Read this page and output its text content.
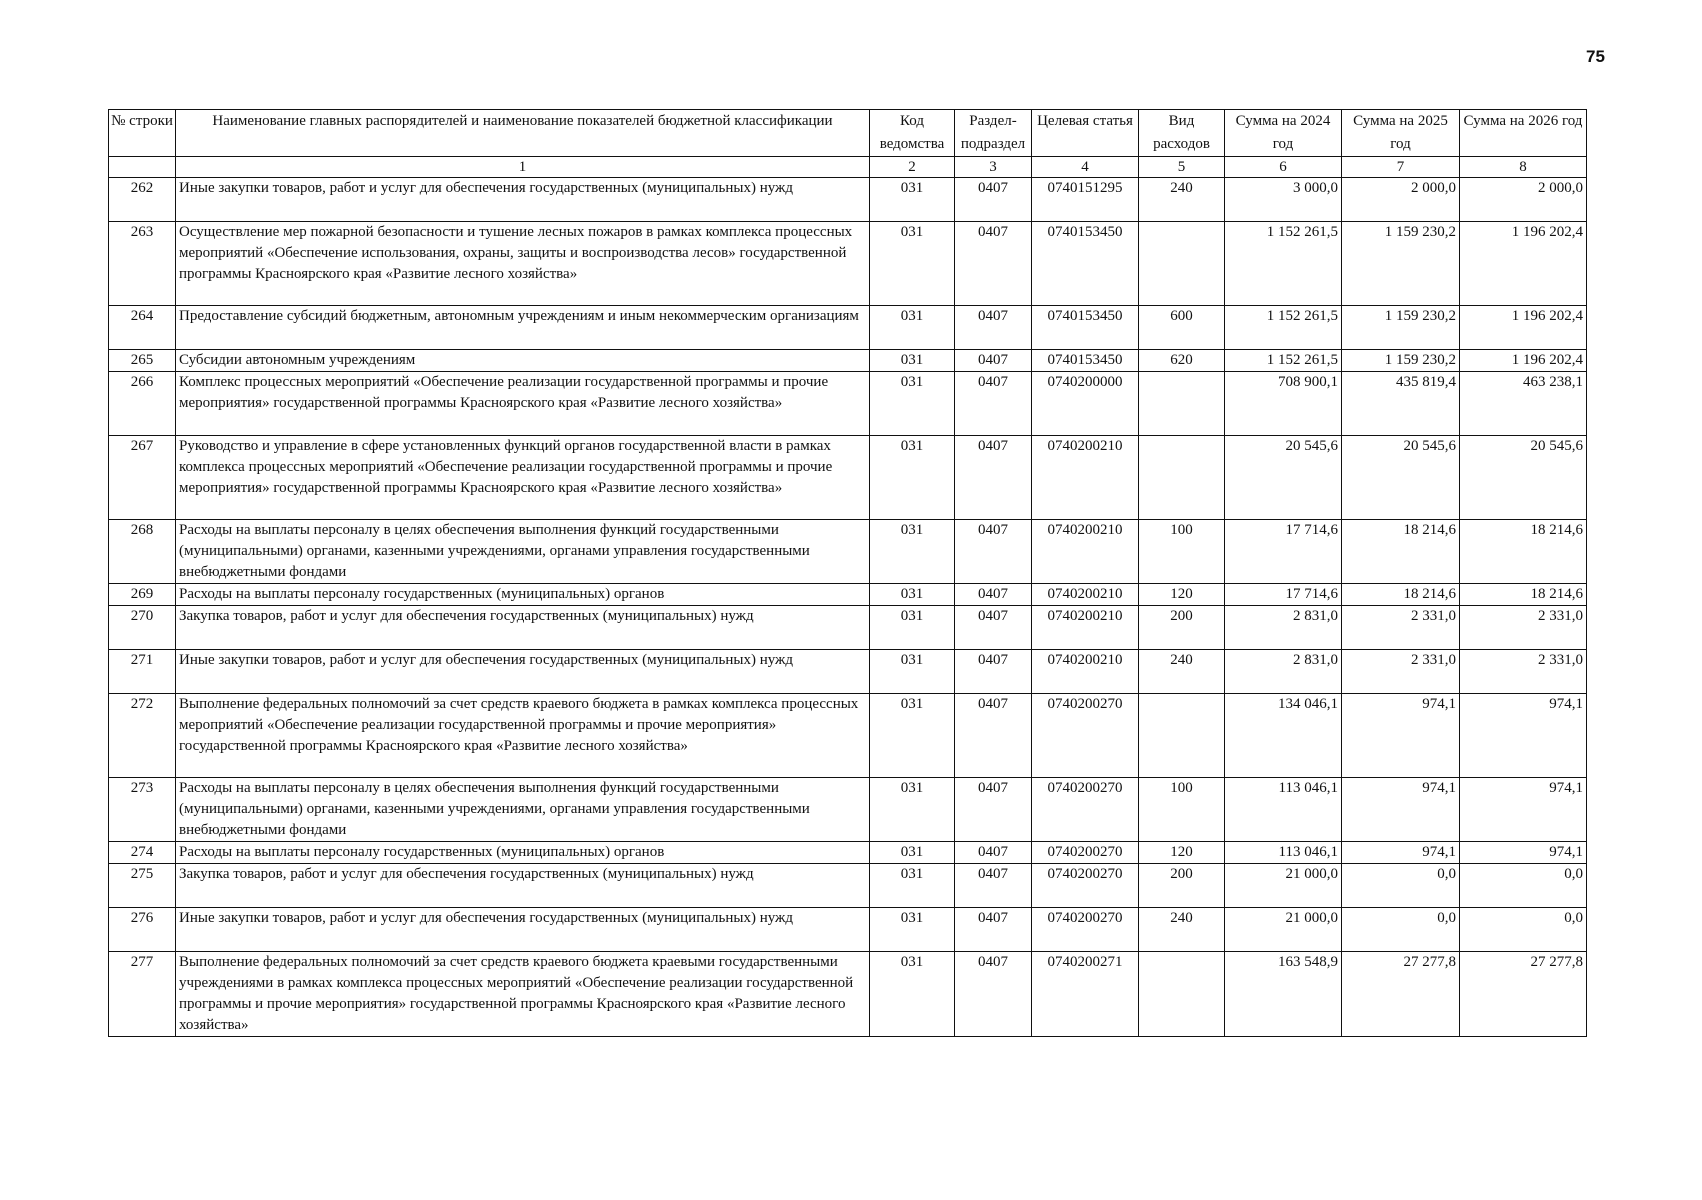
75
№ строки	Наименование главных распорядителей и наименование показателей бюджетной классификации	Код ведомства	Раздел-подраздел	Целевая статья	Вид расходов	Сумма на 2024 год	Сумма на 2025 год	Сумма на 2026 год
	1	2	3	4	5	6	7	8
262	Иные закупки товаров, работ и услуг для обеспечения государственных (муниципальных) нужд	031	0407	0740151295	240	3 000,0	2 000,0	2 000,0
263	Осуществление мер пожарной безопасности и тушение лесных пожаров в рамках комплекса процессных мероприятий «Обеспечение использования, охраны, защиты и воспроизводства лесов» государственной программы Красноярского края «Развитие лесного хозяйства»	031	0407	0740153450		1 152 261,5	1 159 230,2	1 196 202,4
264	Предоставление субсидий бюджетным, автономным учреждениям и иным некоммерческим организациям	031	0407	0740153450	600	1 152 261,5	1 159 230,2	1 196 202,4
265	Субсидии автономным учреждениям	031	0407	0740153450	620	1 152 261,5	1 159 230,2	1 196 202,4
266	Комплекс процессных мероприятий «Обеспечение реализации государственной программы и прочие мероприятия» государственной программы Красноярского края «Развитие лесного хозяйства»	031	0407	0740200000		708 900,1	435 819,4	463 238,1
267	Руководство и управление в сфере установленных функций органов государственной власти в рамках комплекса процессных мероприятий «Обеспечение реализации государственной программы и прочие мероприятия» государственной программы Красноярского края «Развитие лесного хозяйства»	031	0407	0740200210		20 545,6	20 545,6	20 545,6
268	Расходы на выплаты персоналу в целях обеспечения выполнения функций государственными (муниципальными) органами, казенными учреждениями, органами управления государственными внебюджетными фондами	031	0407	0740200210	100	17 714,6	18 214,6	18 214,6
269	Расходы на выплаты персоналу государственных (муниципальных) органов	031	0407	0740200210	120	17 714,6	18 214,6	18 214,6
270	Закупка товаров, работ и услуг для обеспечения государственных (муниципальных) нужд	031	0407	0740200210	200	2 831,0	2 331,0	2 331,0
271	Иные закупки товаров, работ и услуг для обеспечения государственных (муниципальных) нужд	031	0407	0740200210	240	2 831,0	2 331,0	2 331,0
272	Выполнение федеральных полномочий за счет средств краевого бюджета в рамках комплекса процессных мероприятий «Обеспечение реализации государственной программы и прочие мероприятия» государственной программы Красноярского края «Развитие лесного хозяйства»	031	0407	0740200270		134 046,1	974,1	974,1
273	Расходы на выплаты персоналу в целях обеспечения выполнения функций государственными (муниципальными) органами, казенными учреждениями, органами управления государственными внебюджетными фондами	031	0407	0740200270	100	113 046,1	974,1	974,1
274	Расходы на выплаты персоналу государственных (муниципальных) органов	031	0407	0740200270	120	113 046,1	974,1	974,1
275	Закупка товаров, работ и услуг для обеспечения государственных (муниципальных) нужд	031	0407	0740200270	200	21 000,0	0,0	0,0
276	Иные закупки товаров, работ и услуг для обеспечения государственных (муниципальных) нужд	031	0407	0740200270	240	21 000,0	0,0	0,0
277	Выполнение федеральных полномочий за счет средств краевого бюджета краевыми государственными учреждениями в рамках комплекса процессных мероприятий «Обеспечение реализации государственной программы и прочие мероприятия» государственной программы Красноярского края «Развитие лесного хозяйства»	031	0407	0740200271		163 548,9	27 277,8	27 277,8
